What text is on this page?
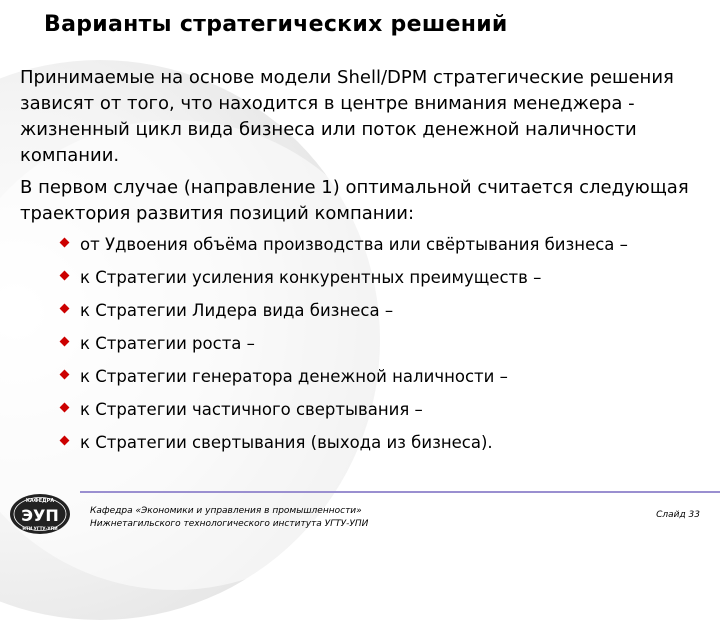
Варианты стратегических решений
Принимаемые на основе модели Shell/DPM стратегические решения зависят от того, что находится в центре внимания менеджера - жизненный цикл вида бизнеса или поток денежной наличности компании.
В первом случае (направление 1) оптимальной считается следующая траектория развития позиций компании:
от Удвоения объёма производства или свёртывания бизнеса –
к Стратегии усиления конкурентных преимуществ –
к Стратегии Лидера вида бизнеса –
к Стратегии роста –
к Стратегии генератора денежной наличности –
к Стратегии частичного свертывания –
к Стратегии свертывания (выхода из бизнеса).
КАФЕДРА
ЭУП
НТИ УГТУ-УПИ
Кафедра «Экономики и управления в промышленности»
Нижнетагильского технологического института УГТУ-УПИ
Слайд 33
